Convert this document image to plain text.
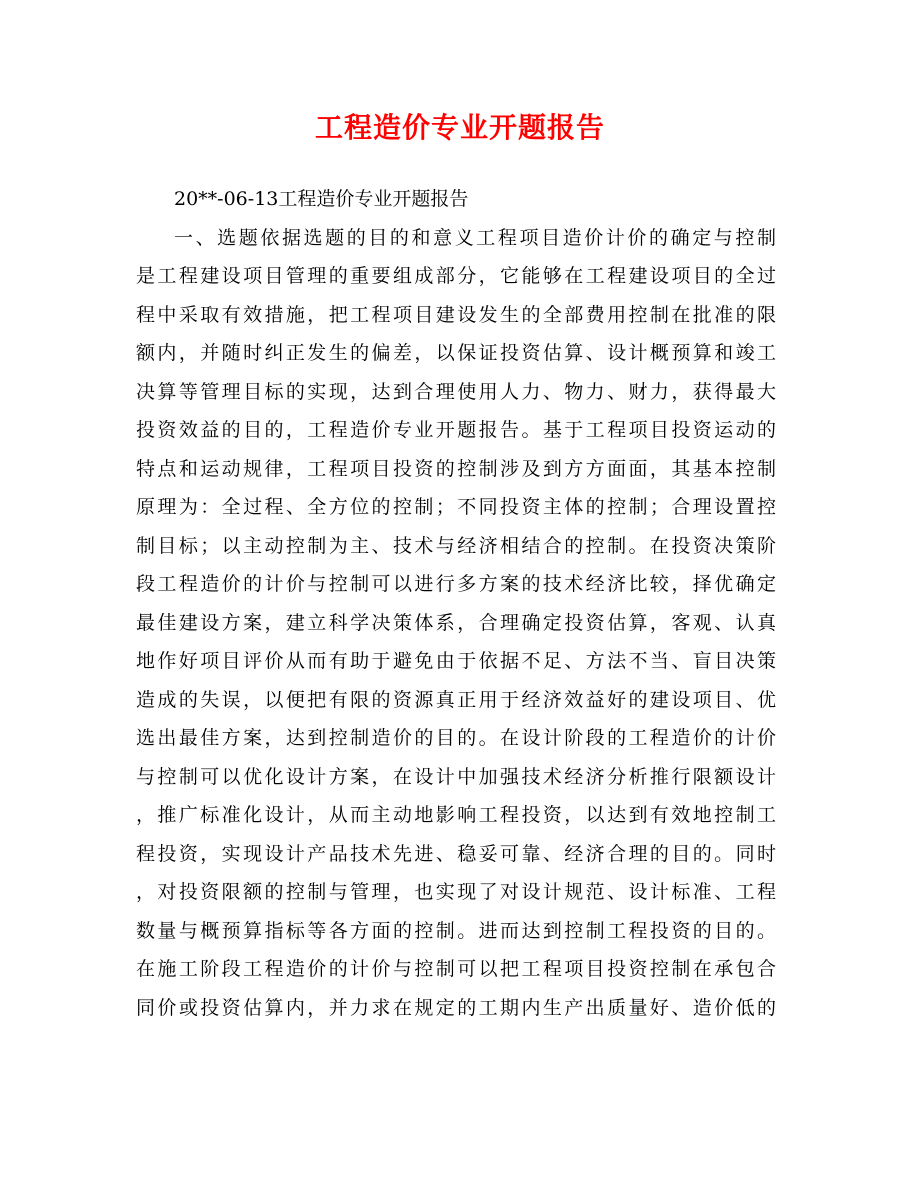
工程造价专业开题报告
20**-06-13工程造价专业开题报告
一、选题依据选题的目的和意义工程项目造价计价的确定与控制
是工程建设项目管理的重要组成部分，它能够在工程建设项目的全过
程中采取有效措施，把工程项目建设发生的全部费用控制在批准的限
额内，并随时纠正发生的偏差，以保证投资估算、设计概预算和竣工
决算等管理目标的实现，达到合理使用人力、物力、财力，获得最大
投资效益的目的，工程造价专业开题报告。基于工程项目投资运动的
特点和运动规律，工程项目投资的控制涉及到方方面面，其基本控制
原理为：全过程、全方位的控制；不同投资主体的控制；合理设置控
制目标；以主动控制为主、技术与经济相结合的控制。在投资决策阶
段工程造价的计价与控制可以进行多方案的技术经济比较，择优确定
最佳建设方案，建立科学决策体系，合理确定投资估算，客观、认真
地作好项目评价从而有助于避免由于依据不足、方法不当、盲目决策
造成的失误，以便把有限的资源真正用于经济效益好的建设项目、优
选出最佳方案，达到控制造价的目的。在设计阶段的工程造价的计价
与控制可以优化设计方案，在设计中加强技术经济分析推行限额设计
，推广标准化设计，从而主动地影响工程投资，以达到有效地控制工
程投资，实现设计产品技术先进、稳妥可靠、经济合理的目的。同时
，对投资限额的控制与管理，也实现了对设计规范、设计标准、工程
数量与概预算指标等各方面的控制。进而达到控制工程投资的目的。
在施工阶段工程造价的计价与控制可以把工程项目投资控制在承包合
同价或投资估算内，并力求在规定的工期内生产出质量好、造价低的
